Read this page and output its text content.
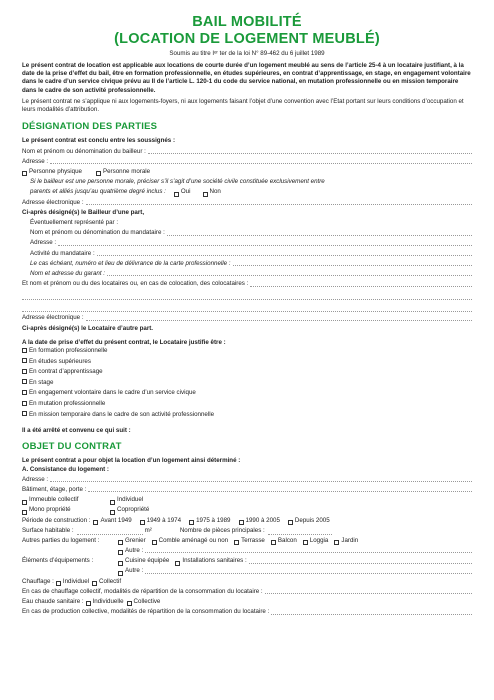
BAIL MOBILITÉ
(LOCATION DE LOGEMENT MEUBLÉ)
Soumis au titre Iᵉʳ ter de la loi N° 89-462 du 6 juillet 1989

Le présent contrat de location est applicable aux locations de courte durée d’un logement meublé au sens de l’article 25-4 à un locataire justifiant, à la date de la prise d’effet du bail, être en formation professionnelle, en études supérieures, en contrat d’apprentissage, en stage, en engagement volontaire dans le cadre d’un service civique prévu au II de l’article L. 120-1 du code du service national, en mutation professionnelle ou en mission temporaire dans le cadre de son activité professionnelle.

Le présent contrat ne s’applique ni aux logements-foyers, ni aux logements faisant l’objet d’une convention avec l’Etat portant sur leurs conditions d’occupation et leurs modalités d’attribution.

DÉSIGNATION DES PARTIES
Le présent contrat est conclu entre les soussignés :
Nom et prénom ou dénomination du bailleur :
Adresse :
Personne physique	Personne morale
Si le bailleur est une personne morale, préciser s’il s’agit d’une société civile constituée exclusivement entre
parents et alliés jusqu’au quatrième degré inclus : Oui	Non
Adresse électronique :
Ci-après désigné(s) le Bailleur d’une part,
Éventuellement représenté par :
Nom et prénom ou dénomination du mandataire :
Adresse :
Activité du mandataire :
Le cas échéant, numéro et lieu de délivrance de la carte professionnelle :
Nom et adresse du garant :
Et nom et prénom ou du des locataires ou, en cas de colocation, des colocataires :
Adresse électronique :
Ci-après désigné(s) le Locataire d’autre part.
A la date de prise d’effet du présent contrat, le Locataire justifie être :
En formation professionnelle
En études supérieures
En contrat d’apprentissage
En stage
En engagement volontaire dans le cadre d’un service civique
En mutation professionnelle
En mission temporaire dans le cadre de son activité professionnelle
Il a été arrêté et convenu ce qui suit :
OBJET DU CONTRAT
Le présent contrat a pour objet la location d’un logement ainsi déterminé :
A. Consistance du logement :
Adresse :
Bâtiment, étage, porte :
Immeuble collectif	Individuel
Mono propriété	Copropriété
Période de construction : Avant 1949 1949 à 1974 1975 à 1989 1990 à 2005 Depuis 2005
Surface habitable :	m²	Nombre de pièces principales :
Autres parties du logement :	Grenier Comble aménagé ou non Terrasse Balcon Loggia Jardin
Autre :
Éléments d’équipements :	Cuisine équipée Installations sanitaires :
Autre :
Chauffage : Individuel Collectif
En cas de chauffage collectif, modalités de répartition de la consommation du locataire :
Eau chaude sanitaire : Individuelle Collective
En cas de production collective, modalités de répartition de la consommation du locataire :
